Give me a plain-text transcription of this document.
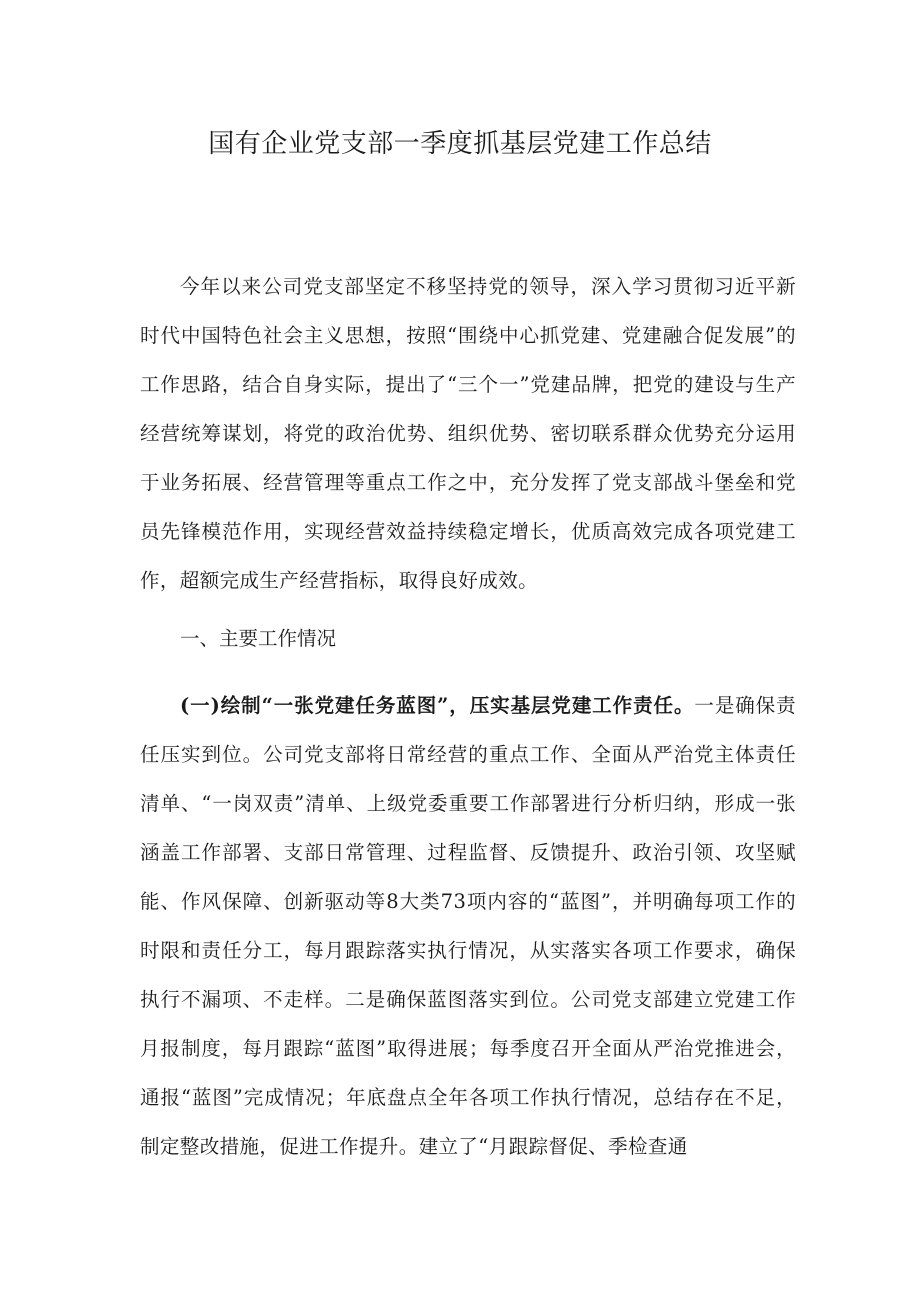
国有企业党支部一季度抓基层党建工作总结

今年以来公司党支部坚定不移坚持党的领导，深入学习贯彻习近平新时代中国特色社会主义思想，按照“围绕中心抓党建、党建融合促发展”的工作思路，结合自身实际，提出了“三个一”党建品牌，把党的建设与生产经营统筹谋划，将党的政治优势、组织优势、密切联系群众优势充分运用于业务拓展、经营管理等重点工作之中，充分发挥了党支部战斗堡垒和党员先锋模范作用，实现经营效益持续稳定增长，优质高效完成各项党建工作，超额完成生产经营指标，取得良好成效。

一、主要工作情况

(一)绘制“一张党建任务蓝图”，压实基层党建工作责任。一是确保责任压实到位。公司党支部将日常经营的重点工作、全面从严治党主体责任清单、“一岗双责”清单、上级党委重要工作部署进行分析归纳，形成一张涵盖工作部署、支部日常管理、过程监督、反馈提升、政治引领、攻坚赋能、作风保障、创新驱动等8大类73项内容的“蓝图”，并明确每项工作的时限和责任分工，每月跟踪落实执行情况，从实落实各项工作要求，确保执行不漏项、不走样。二是确保蓝图落实到位。公司党支部建立党建工作月报制度，每月跟踪“蓝图”取得进展；每季度召开全面从严治党推进会，通报“蓝图”完成情况；年底盘点全年各项工作执行情况，总结存在不足，制定整改措施，促进工作提升。建立了“月跟踪督促、季检查通
